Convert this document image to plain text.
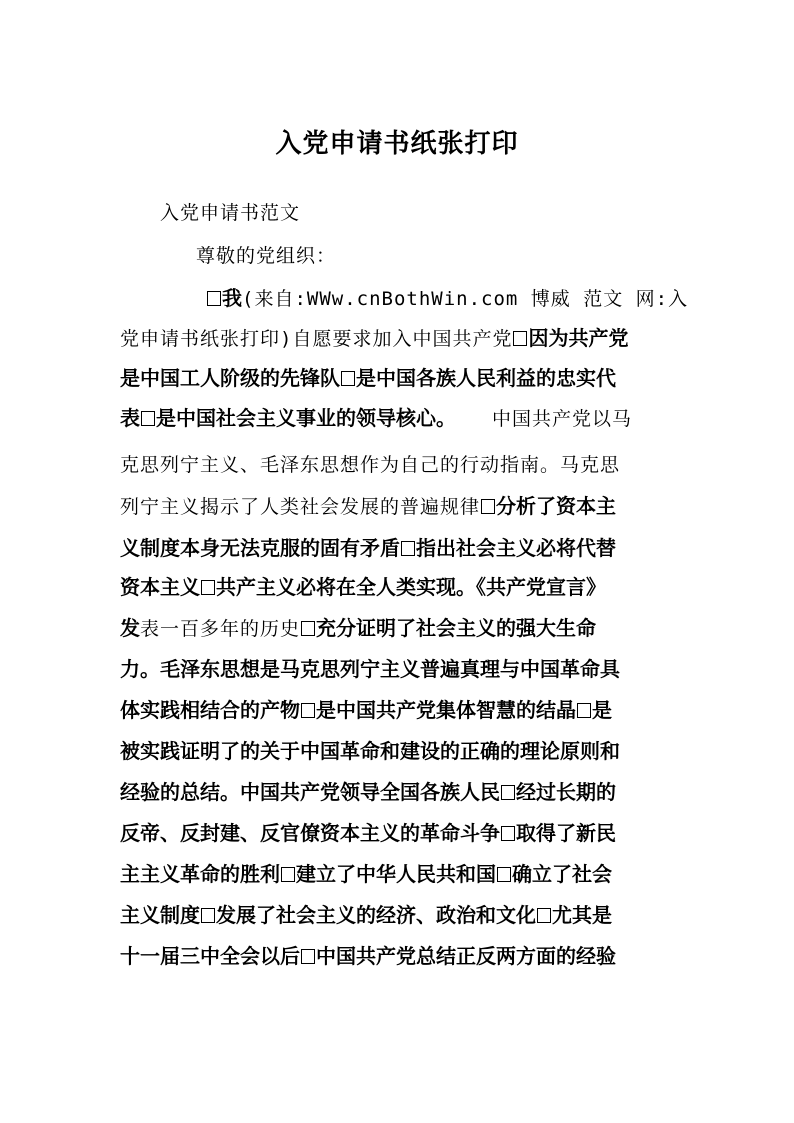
入党申请书纸张打印
入党申请书范文
尊敬的党组织：
我(来自:WWw.cnBothWin.com 博威 范文 网:入
党申请书纸张打印)自愿要求加入中国共产党 因为共产党
是中国工人阶级的先锋队 是中国各族人民利益的忠实代
表 是中国社会主义事业的领导核心。 中国共产党以马
克思列宁主义、毛泽东思想作为自己的行动指南。马克思
列宁主义揭示了人类社会发展的普遍规律 分析了资本主
义制度本身无法克服的固有矛盾 指出社会主义必将代替
资本主义 共产主义必将在全人类实现。《共产党宣言》
发表一百多年的历史 充分证明了社会主义的强大生命
力。毛泽东思想是马克思列宁主义普遍真理与中国革命具
体实践相结合的产物 是中国共产党集体智慧的结晶 是
被实践证明了的关于中国革命和建设的正确的理论原则和
经验的总结。中国共产党领导全国各族人民 经过长期的
反帝、反封建、反官僚资本主义的革命斗争 取得了新民
主主义革命的胜利 建立了中华人民共和国 确立了社会
主义制度 发展了社会主义的经济、政治和文化 尤其是
十一届三中全会以后 中国共产党总结正反两方面的经验
